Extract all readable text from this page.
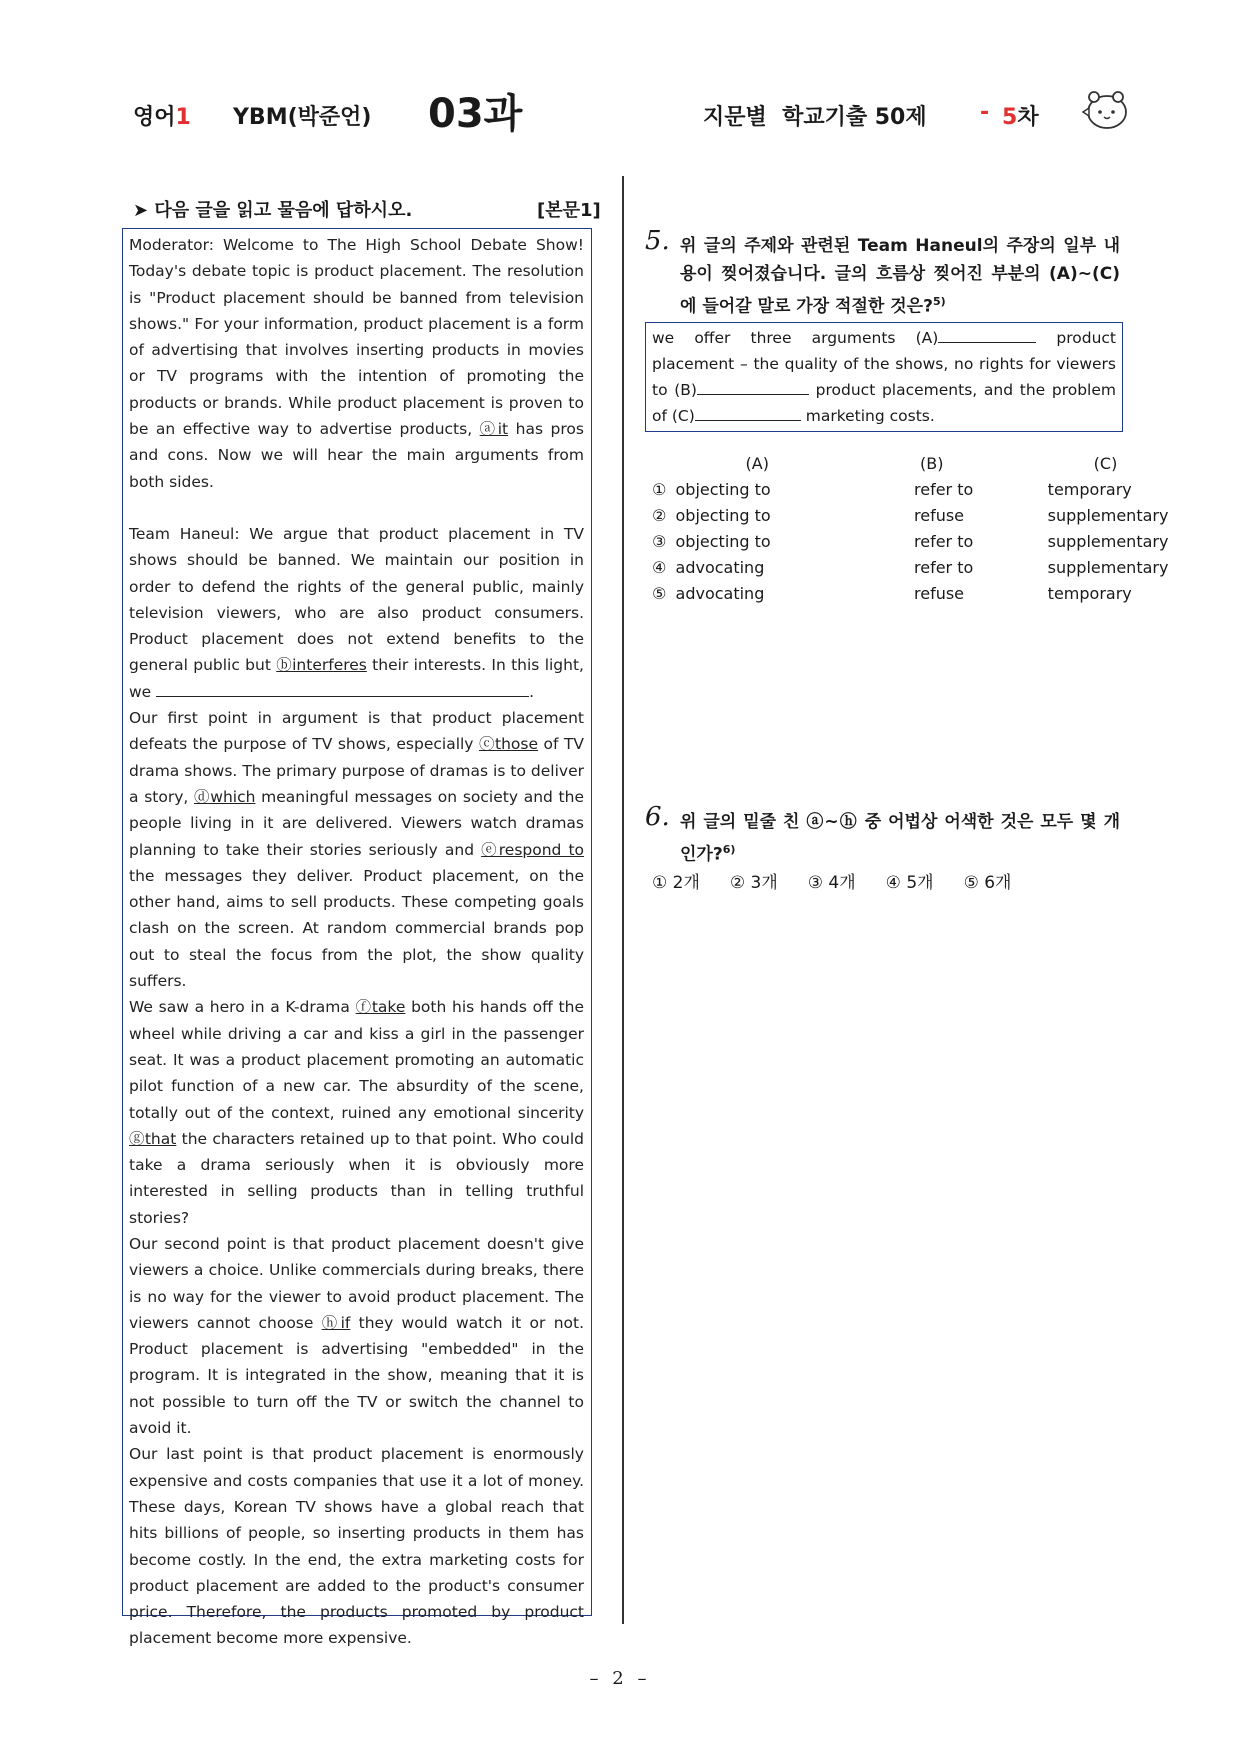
영어1 YBM(박준언) 03과	지문별  학교기출 50제 - 5차
➤ 다음 글을 읽고 물음에 답하시오.	[본문1]

Moderator: Welcome to The High School Debate Show! Today's debate topic is product placement. The resolution is "Product placement should be banned from television shows." For your information, product placement is a form of advertising that involves inserting products in movies or TV programs with the intention of promoting the products or brands. While product placement is proven to be an effective way to advertise products, ⓐit has pros and cons. Now we will hear the main arguments from both sides.

Team Haneul: We argue that product placement in TV shows should be banned. We maintain our position in order to defend the rights of the general public, mainly television viewers, who are also product consumers. Product placement does not extend benefits to the general public but ⓑinterferes their interests. In this light, we	.

Our first point in argument is that product placement defeats the purpose of TV shows, especially ⓒthose of TV drama shows. The primary purpose of dramas is to deliver a story, ⓓwhich meaningful messages on society and the people living in it are delivered. Viewers watch dramas planning to take their stories seriously and ⓔrespond to the messages they deliver. Product placement, on the other hand, aims to sell products. These competing goals clash on the screen. At random commercial brands pop out to steal the focus from the plot, the show quality suffers.

We saw a hero in a K-drama ⓕtake both his hands off the wheel while driving a car and kiss a girl in the passenger seat. It was a product placement promoting an automatic pilot function of a new car. The absurdity of the scene, totally out of the context, ruined any emotional sincerity ⓖthat the characters retained up to that point. Who could take a drama seriously when it is obviously more interested in selling products than in telling truthful stories?

Our second point is that product placement doesn't give viewers a choice. Unlike commercials during breaks, there is no way for the viewer to avoid product placement. The viewers cannot choose ⓗif they would watch it or not. Product placement is advertising "embedded" in the program. It is integrated in the show, meaning that it is not possible to turn off the TV or switch the channel to avoid it.

Our last point is that product placement is enormously expensive and costs companies that use it a lot of money. These days, Korean TV shows have a global reach that hits billions of people, so inserting products in them has become costly. In the end, the extra marketing costs for product placement are added to the product's consumer price. Therefore, the products promoted by product placement become more expensive.

5. 위 글의 주제와 관련된 Team Haneul의 주장의 일부 내용이 찢어졌습니다. 글의 흐름상 찢어진 부분의 (A)~(C)에 들어갈 말로 가장 적절한 것은?$^{5)}$
we offer three arguments (A)	product placement – the quality of the shows, no rights for viewers to (B)	product placements, and the problem of (C)	marketing costs.
	(A)	(B)	(C)
①	objecting to	refer to	temporary
②	objecting to	refuse	supplementary
③	objecting to	refer to	supplementary
④	advocating	refer to	supplementary
⑤	advocating	refuse	temporary
6. 위 글의 밑줄 친 ⓐ~ⓗ 중 어법상 어색한 것은 모두 몇 개인가?$^{6)}$
① 2개 ② 3개 ③ 4개 ④ 5개 ⑤ 6개
– 2 –
